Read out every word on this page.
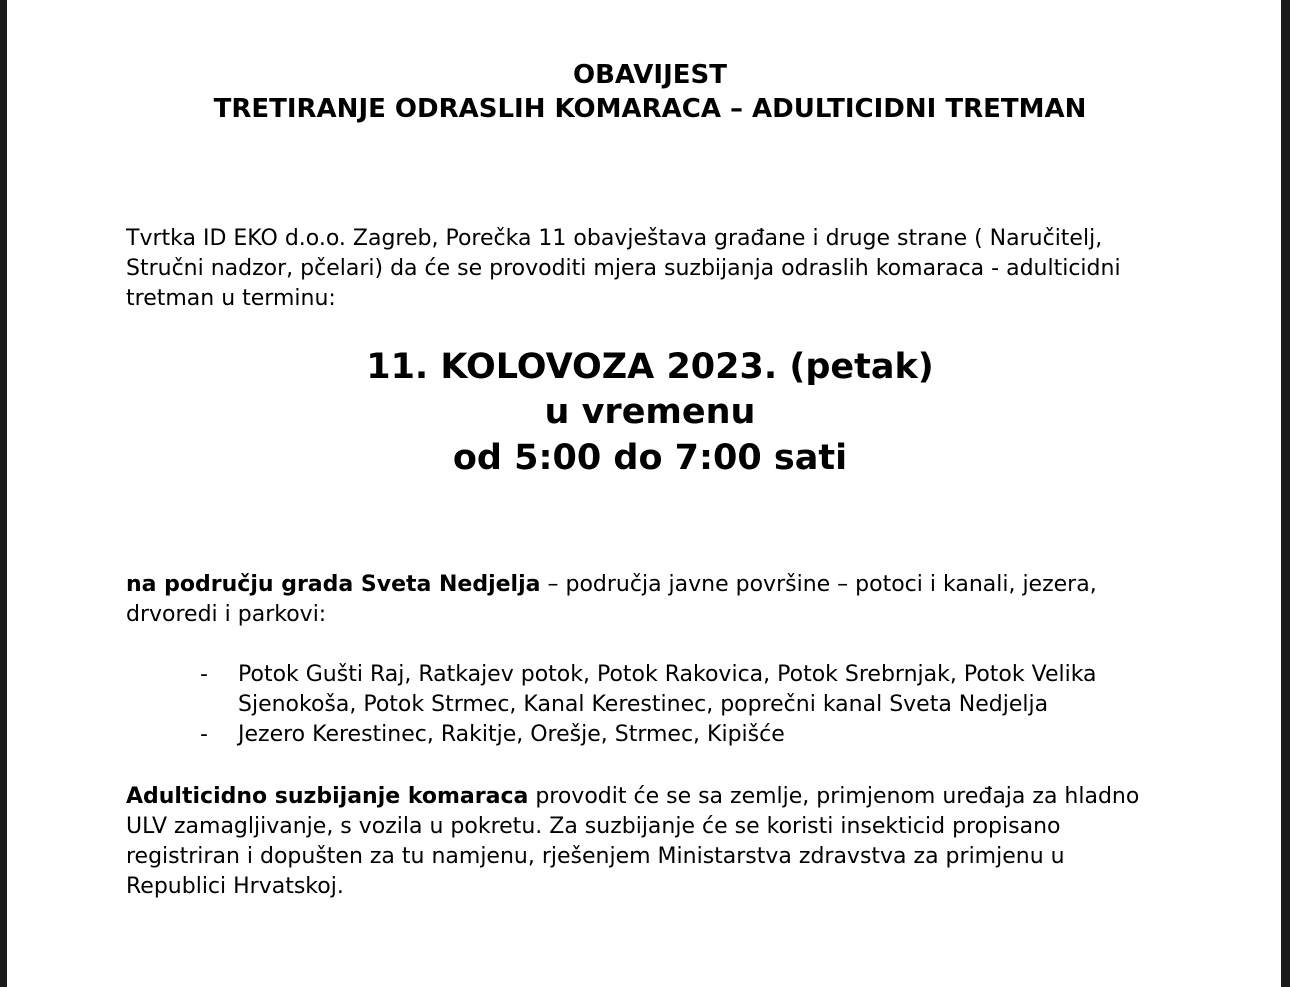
OBAVIJEST
TRETIRANJE ODRASLIH KOMARACA – ADULTICIDNI TRETMAN

Tvrtka ID EKO d.o.o. Zagreb, Porečka 11 obavještava građane i druge strane ( Naručitelj,
Stručni nadzor, pčelari) da će se provoditi mjera suzbijanja odraslih komaraca - adulticidni
tretman u terminu:

11. KOLOVOZA 2023. (petak)
u vremenu
od 5:00 do 7:00 sati

na području grada Sveta Nedjelja – područja javne površine – potoci i kanali, jezera,
drvoredi i parkovi:

- Potok Gušti Raj, Ratkajev potok, Potok Rakovica, Potok Srebrnjak, Potok Velika
Sjenokoša, Potok Strmec, Kanal Kerestinec, poprečni kanal Sveta Nedjelja
- Jezero Kerestinec, Rakitje, Orešje, Strmec, Kipišće

Adulticidno suzbijanje komaraca provodit će se sa zemlje, primjenom uređaja za hladno
ULV zamagljivanje, s vozila u pokretu. Za suzbijanje će se koristi insekticid propisano
registriran i dopušten za tu namjenu, rješenjem Ministarstva zdravstva za primjenu u
Republici Hrvatskoj.
